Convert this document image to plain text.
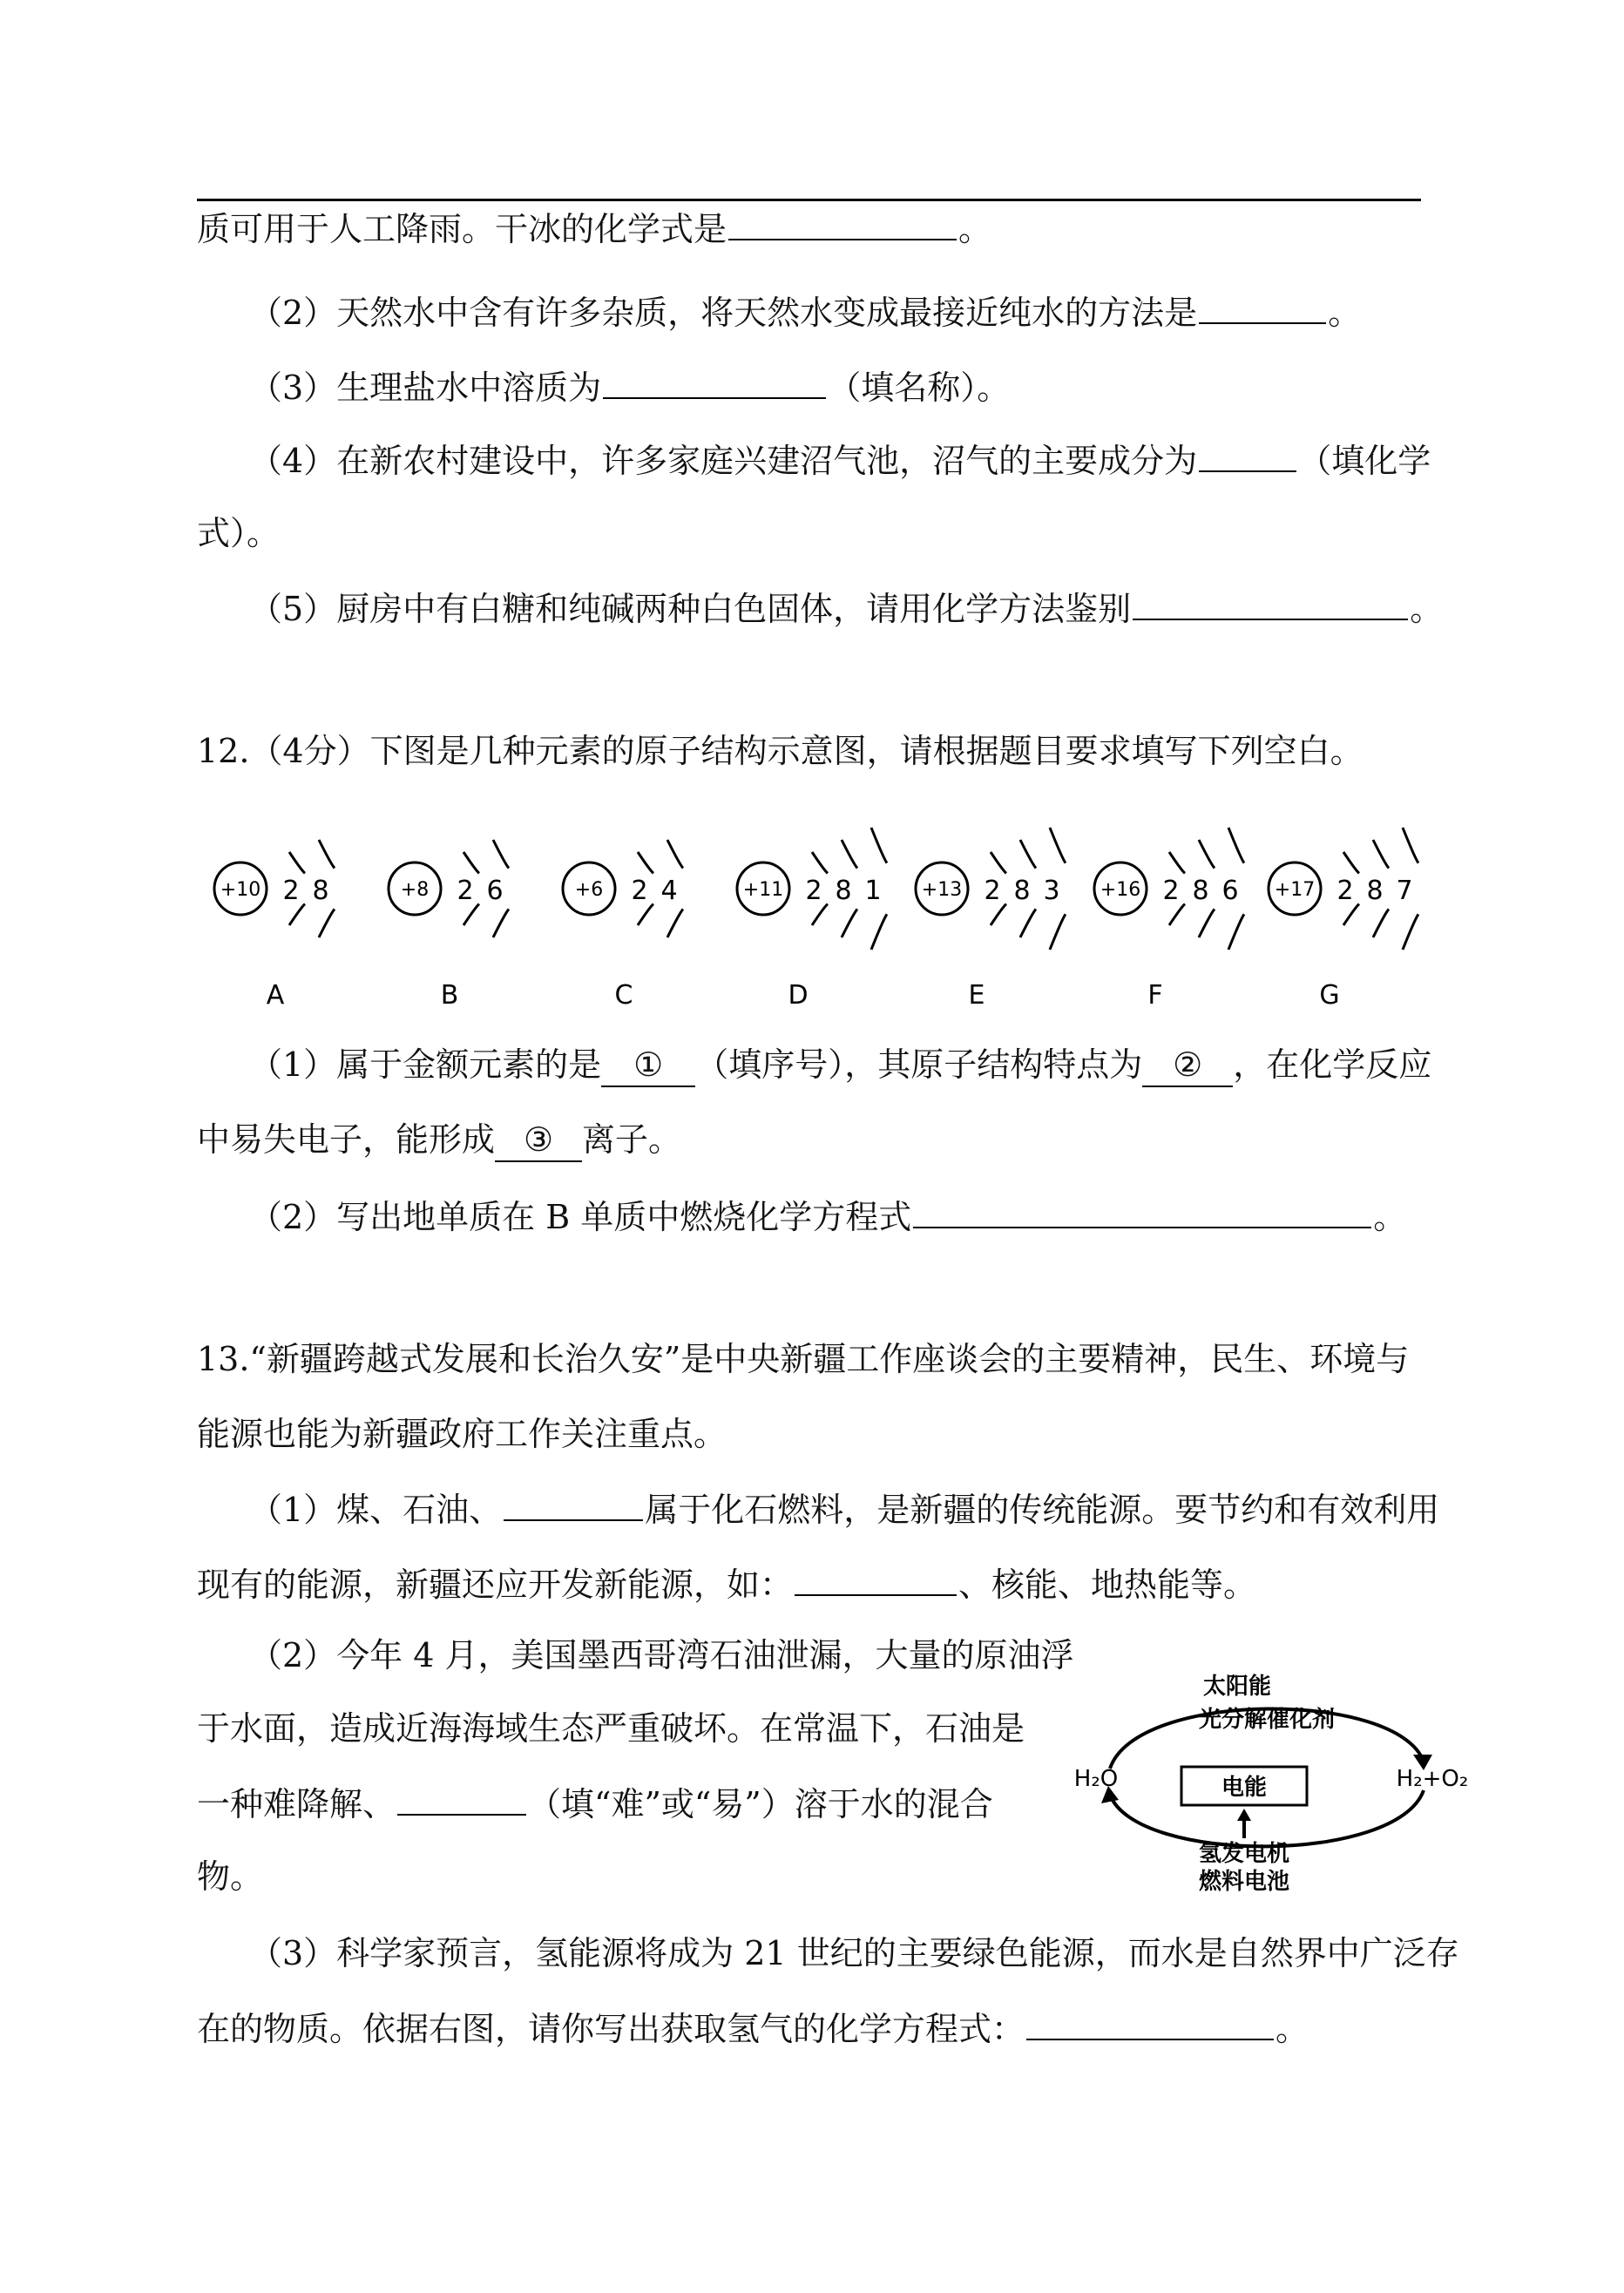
质可用于人工降雨。干冰的化学式是	。
（2）天然水中含有许多杂质，将天然水变成最接近纯水的方法是	。
（3）生理盐水中溶质为	（填名称）。
（4）在新农村建设中，许多家庭兴建沼气池，沼气的主要成分为	（填化学
式）。
（5）厨房中有白糖和纯碱两种白色固体，请用化学方法鉴别	。
12.（4分）下图是几种元素的原子结构示意图，请根据题目要求填写下列空白。
+10 2 8
A
+8 2 6
B
+6 2 4
C
+11 2 8 1
D
+13 2 8 3
E
+16 2 8 6
F
+17 2 8 7
G
（1）属于金额元素的是 ① （填序号），其原子结构特点为 ② ，在化学反应
中易失电子，能形成 ③ 离子。
（2）写出地单质在 B 单质中燃烧化学方程式	。
13.“新疆跨越式发展和长治久安”是中央新疆工作座谈会的主要精神，民生、环境与
能源也能为新疆政府工作关注重点。
（1）煤、石油、	属于化石燃料，是新疆的传统能源。要节约和有效利用
现有的能源，新疆还应开发新能源，如：	、核能、地热能等。
（2）今年 4 月，美国墨西哥湾石油泄漏，大量的原油浮
于水面，造成近海海域生态严重破坏。在常温下，石油是
一种难降解、	（填“难”或“易”）溶于水的混合
物。
太阳能
光分解催化剂
H₂O	H₂+O₂
电能
氢发电机
燃料电池
（3）科学家预言，氢能源将成为 21 世纪的主要绿色能源，而水是自然界中广泛存
在的物质。依据右图，请你写出获取氢气的化学方程式：	。
